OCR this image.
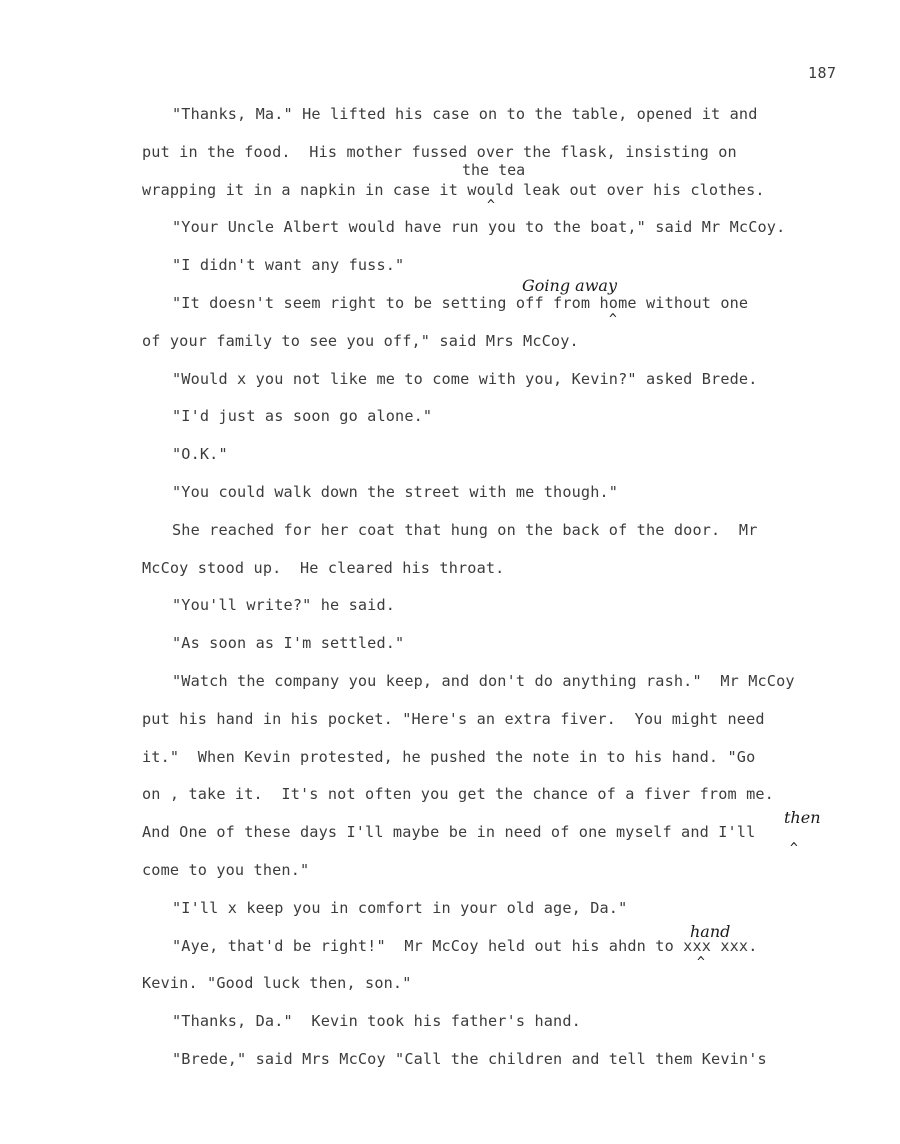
187
"Thanks, Ma." He lifted his case on to the table, opened it and
put in the food.  His mother fussed over the flask, insisting on
wrapping it in a napkin in case it would leak out over his clothes.
"Your Uncle Albert would have run you to the boat," said Mr McCoy.
"I didn't want any fuss."
"It doesn't seem right to be setting off from home without one
of your family to see you off," said Mrs McCoy.
"Would x you not like me to come with you, Kevin?" asked Brede.
"I'd just as soon go alone."
"O.K."
"You could walk down the street with me though."
She reached for her coat that hung on the back of the door.  Mr
McCoy stood up.  He cleared his throat.
"You'll write?" he said.
"As soon as I'm settled."
"Watch the company you keep, and don't do anything rash."  Mr McCoy
put his hand in his pocket. "Here's an extra fiver.  You might need
it."  When Kevin protested, he pushed the note in to his hand. "Go
on , take it.  It's not often you get the chance of a fiver from me.
And One of these days I'll maybe be in need of one myself and I'll
come to you then."
"I'll x keep you in comfort in your old age, Da."
"Aye, that'd be right!"  Mr McCoy held out his ahdn to xxx xxx.
Kevin. "Good luck then, son."
"Thanks, Da."  Kevin took his father's hand.
"Brede," said Mrs McCoy "Call the children and tell them Kevin's
the tea
^
Going away
^
then
^
hand
^
